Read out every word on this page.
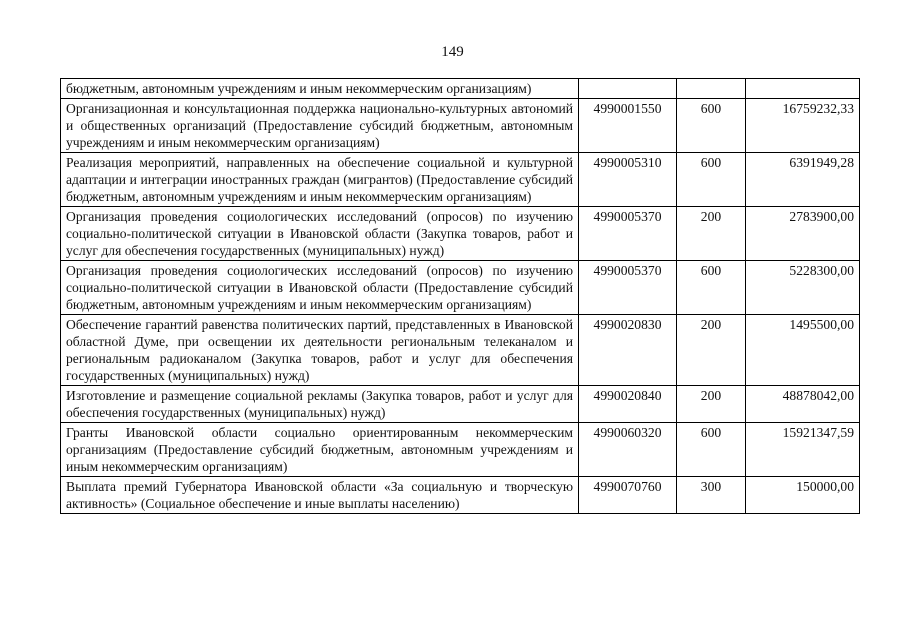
149
бюджетным, автономным учреждениям и иным некоммерческим организациям)			
Организационная и консультационная поддержка национально-культурных автономий и общественных организаций (Предоставление субсидий бюджетным, автономным учреждениям и иным некоммерческим организациям)	4990001550	600	16759232,33
Реализация мероприятий, направленных на обеспечение социальной и культурной адаптации и интеграции иностранных граждан (мигрантов) (Предоставление субсидий бюджетным, автономным учреждениям и иным некоммерческим организациям)	4990005310	600	6391949,28
Организация проведения социологических исследований (опросов) по изучению социально-политической ситуации в Ивановской области (Закупка товаров, работ и услуг для обеспечения государственных (муниципальных) нужд)	4990005370	200	2783900,00
Организация проведения социологических исследований (опросов) по изучению социально-политической ситуации в Ивановской области (Предоставление субсидий бюджетным, автономным учреждениям и иным некоммерческим организациям)	4990005370	600	5228300,00
Обеспечение гарантий равенства политических партий, представленных в Ивановской областной Думе, при освещении их деятельности региональным телеканалом и региональным радиоканалом (Закупка товаров, работ и услуг для обеспечения государственных (муниципальных) нужд)	4990020830	200	1495500,00
Изготовление и размещение социальной рекламы (Закупка товаров, работ и услуг для обеспечения государственных (муниципальных) нужд)	4990020840	200	48878042,00
Гранты Ивановской области социально ориентированным некоммерческим организациям (Предоставление субсидий бюджетным, автономным учреждениям и иным некоммерческим организациям)	4990060320	600	15921347,59
Выплата премий Губернатора Ивановской области «За социальную и творческую активность» (Социальное обеспечение и иные выплаты населению)	4990070760	300	150000,00
